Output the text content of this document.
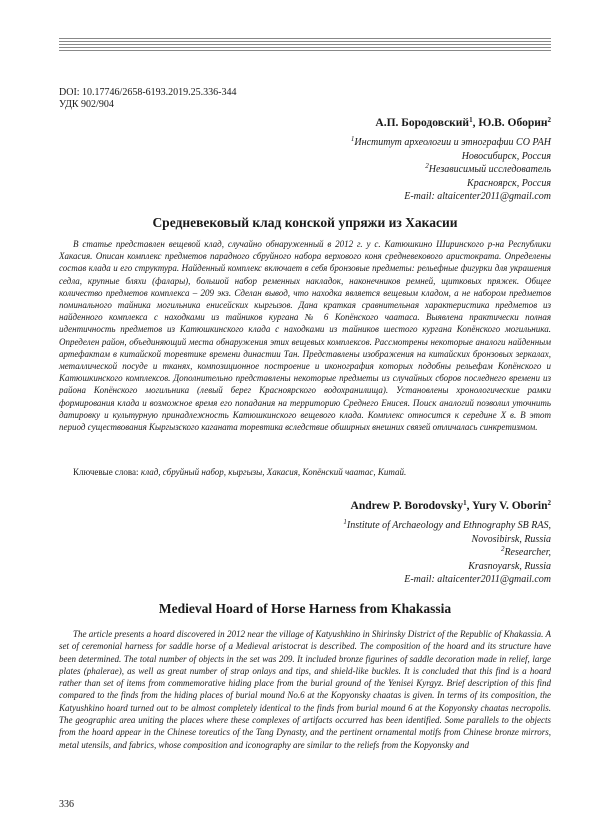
DOI: 10.17746/2658-6193.2019.25.336-344
УДК 902/904
А.П. Бородовский$^1$, Ю.В. Оборин$^2$
$^1$Институт археологии и этнографии СО РАН
Новосибирск, Россия
$^2$Независимый исследователь
Красноярск, Россия
E-mail: altaicenter2011@gmail.com
Средневековый клад конской упряжи из Хакасии

В статье представлен вещевой клад, случайно обнаруженный в 2012 г. у с. Катюшкино Ширинского р-на Республики Хакасия. Описан комплекс предметов парадного сбруйного набора верхового коня средневекового аристократа. Определены состав клада и его структура. Найденный комплекс включает в себя бронзовые предметы: рельефные фигурки для украшения седла, крупные бляхи (фалары), большой набор ременных накладок, наконечников ремней, щитковых пряжек. Общее количество предметов комплекса – 209 экз. Сделан вывод, что находка является вещевым кладом, а не набором предметов поминального тайника могильника енисейских кыргызов. Дана краткая сравнительная характеристика предметов из найденного комплекса с находками из тайников кургана № 6 Копёнского чаатаса. Выявлена практически полная идентичность предметов из Катюшкинского клада с находками из тайников шестого кургана Копёнского могильника. Определен район, объединяющий места обнаружения этих вещевых комплексов. Рассмотрены некоторые аналоги найденным артефактам в китайской торевтике времени династии Тан. Представлены изображения на китайских бронзовых зеркалах, металлической посуде и тканях, композиционное построение и иконография которых подобны рельефам Копёнского и Катюшкинского комплексов. Дополнительно представлены некоторые предметы из случайных сборов последнего времени из района Копёнского могильника (левый берег Красноярского водохранилища). Установлены хронологические рамки формирования клада и возможное время его попадания на территорию Среднего Енисея. Поиск аналогий позволил уточнить датировку и культурную принадлежность Катюшкинского вещевого клада. Комплекс относится к середине X в. В этот период существования Кыргызского каганата торевтика вследствие обширных внешних связей отличалась синкретизмом.

Ключевые слова: клад, сбруйный набор, кыргызы, Хакасия, Копёнский чаатас, Китай.
Andrew P. Borodovsky$^1$, Yury V. Oborin$^2$
$^1$Institute of Archaeology and Ethnography SB RAS,
Novosibirsk, Russia
$^2$Researcher,
Krasnoyarsk, Russia
E-mail: altaicenter2011@gmail.com
Medieval Hoard of Horse Harness from Khakassia

The article presents a hoard discovered in 2012 near the village of Katyushkino in Shirinsky District of the Republic of Khakassia. A set of ceremonial harness for saddle horse of a Medieval aristocrat is described. The composition of the hoard and its structure have been determined. The total number of objects in the set was 209. It included bronze figurines of saddle decoration made in relief, large plates (phalerae), as well as great number of strap onlays and tips, and shield-like buckles. It is concluded that this find is a hoard rather than set of items from commemorative hiding place from the burial ground of the Yenisei Kyrgyz. Brief description of this find compared to the finds from the hiding places of burial mound No.6 at the Kopyonsky chaatas is given. In terms of its composition, the Katyushkino hoard turned out to be almost completely identical to the finds from burial mound 6 at the Kopyonsky chaatas necropolis. The geographic area uniting the places where these complexes of artifacts occurred has been identified. Some parallels to the objects from the hoard appear in the Chinese toreutics of the Tang Dynasty, and the pertinent ornamental motifs from Chinese bronze mirrors, metal utensils, and fabrics, whose composition and iconography are similar to the reliefs from the Kopyonsky and

336
